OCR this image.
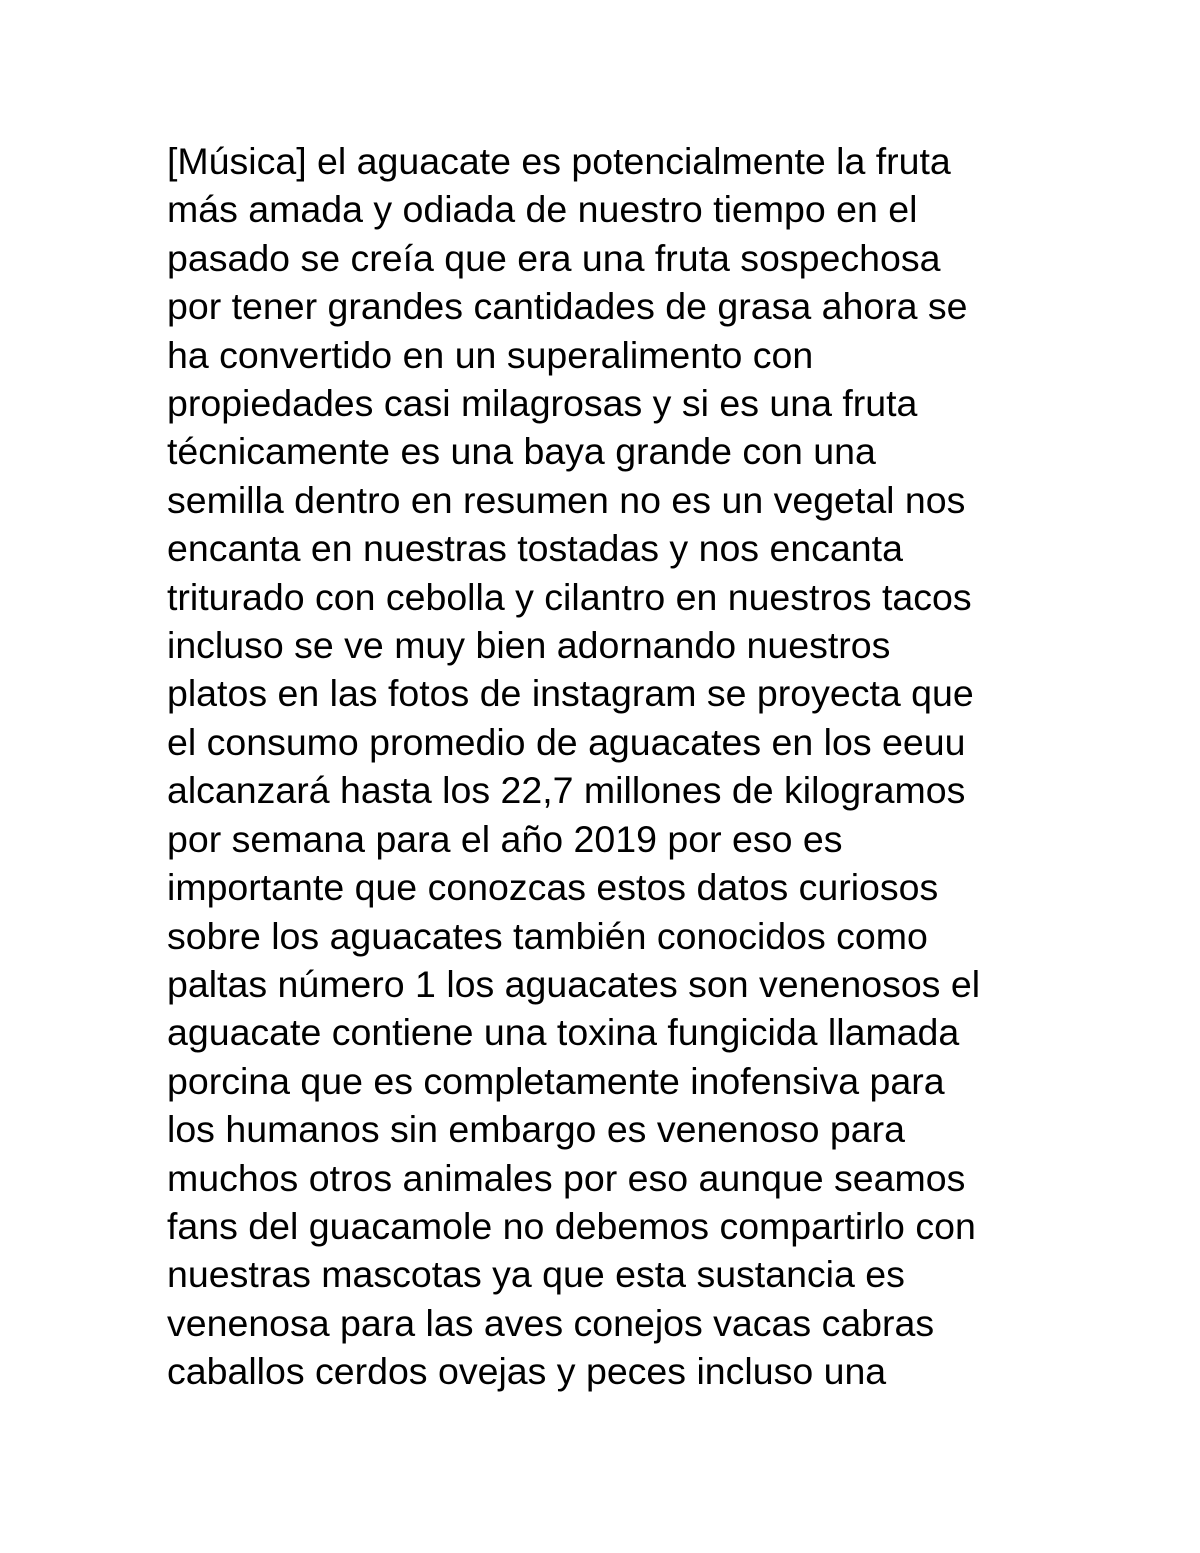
[Música] el aguacate es potencialmente la fruta
más amada y odiada de nuestro tiempo en el
pasado se creía que era una fruta sospechosa
por tener grandes cantidades de grasa ahora se
ha convertido en un superalimento con
propiedades casi milagrosas y si es una fruta
técnicamente es una baya grande con una
semilla dentro en resumen no es un vegetal nos
encanta en nuestras tostadas y nos encanta
triturado con cebolla y cilantro en nuestros tacos
incluso se ve muy bien adornando nuestros
platos en las fotos de instagram se proyecta que
el consumo promedio de aguacates en los eeuu
alcanzará hasta los 22,7 millones de kilogramos
por semana para el año 2019 por eso es
importante que conozcas estos datos curiosos
sobre los aguacates también conocidos como
paltas número 1 los aguacates son venenosos el
aguacate contiene una toxina fungicida llamada
porcina que es completamente inofensiva para
los humanos sin embargo es venenoso para
muchos otros animales por eso aunque seamos
fans del guacamole no debemos compartirlo con
nuestras mascotas ya que esta sustancia es
venenosa para las aves conejos vacas cabras
caballos cerdos ovejas y peces incluso una
